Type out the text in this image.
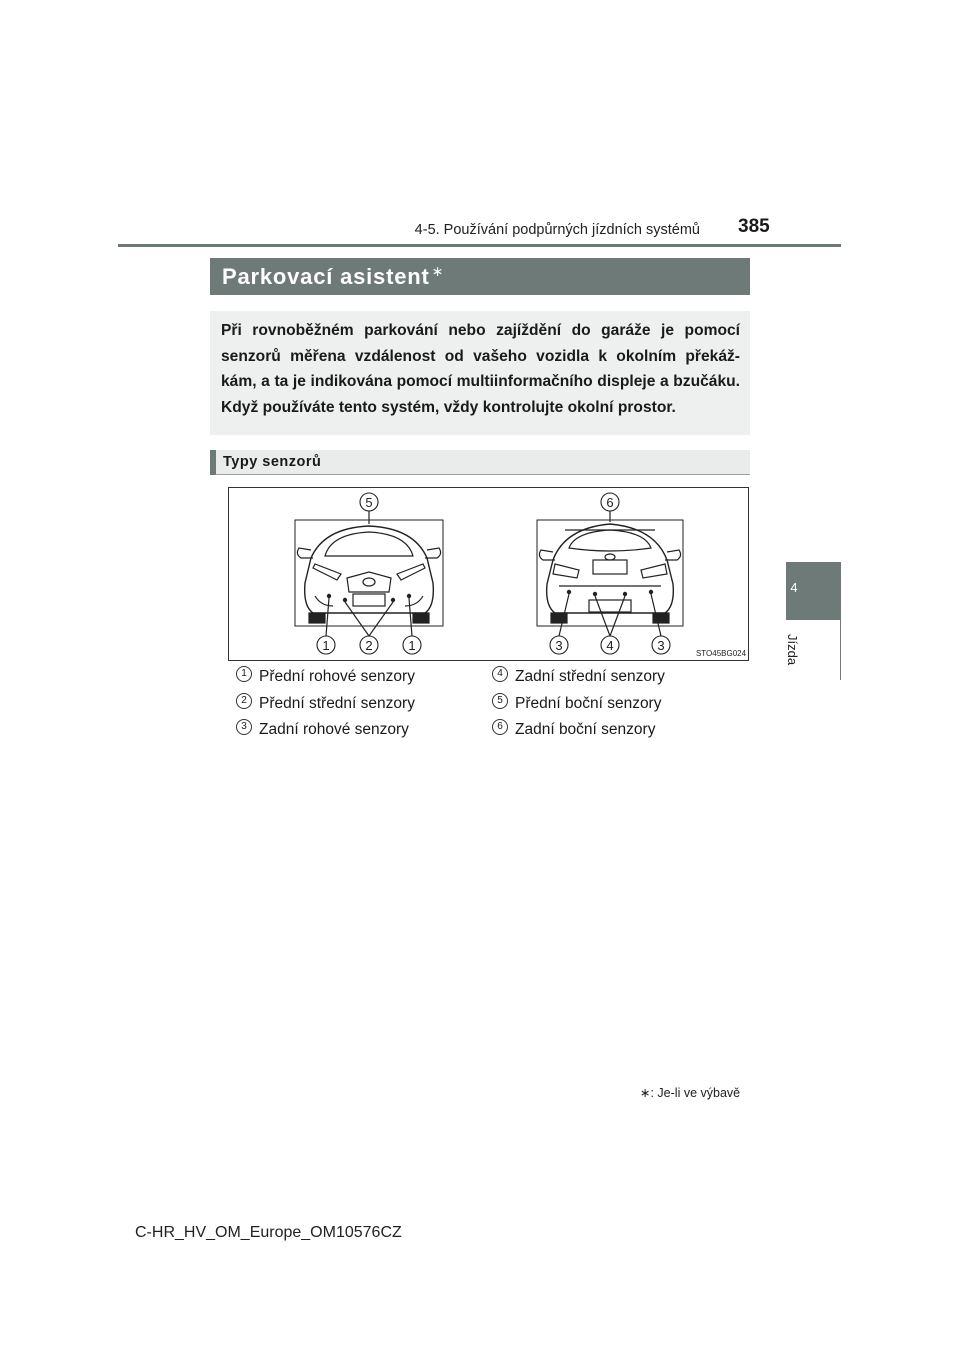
4-5. Používání podpůrných jízdních systémů 385
4
Jízda
Parkovací asistent ∗
Při rovnoběžném parkování nebo zajíždění do garáže je pomocí senzorů měřena vzdálenost od vašeho vozidla k okolním překáž- kám, a ta je indikována pomocí multiinformačního displeje a bzučáku. Když používáte tento systém, vždy kontrolujte okolní prostor.
Typy senzorů
5
1	2	1
6
3	4	3
STO45BG024
1 Přední rohové senzory
2 Přední střední senzory
3 Zadní rohové senzory
4 Zadní střední senzory
5 Přední boční senzory
6 Zadní boční senzory
∗: Je-li ve výbavě
C-HR_HV_OM_Europe_OM10576CZ
